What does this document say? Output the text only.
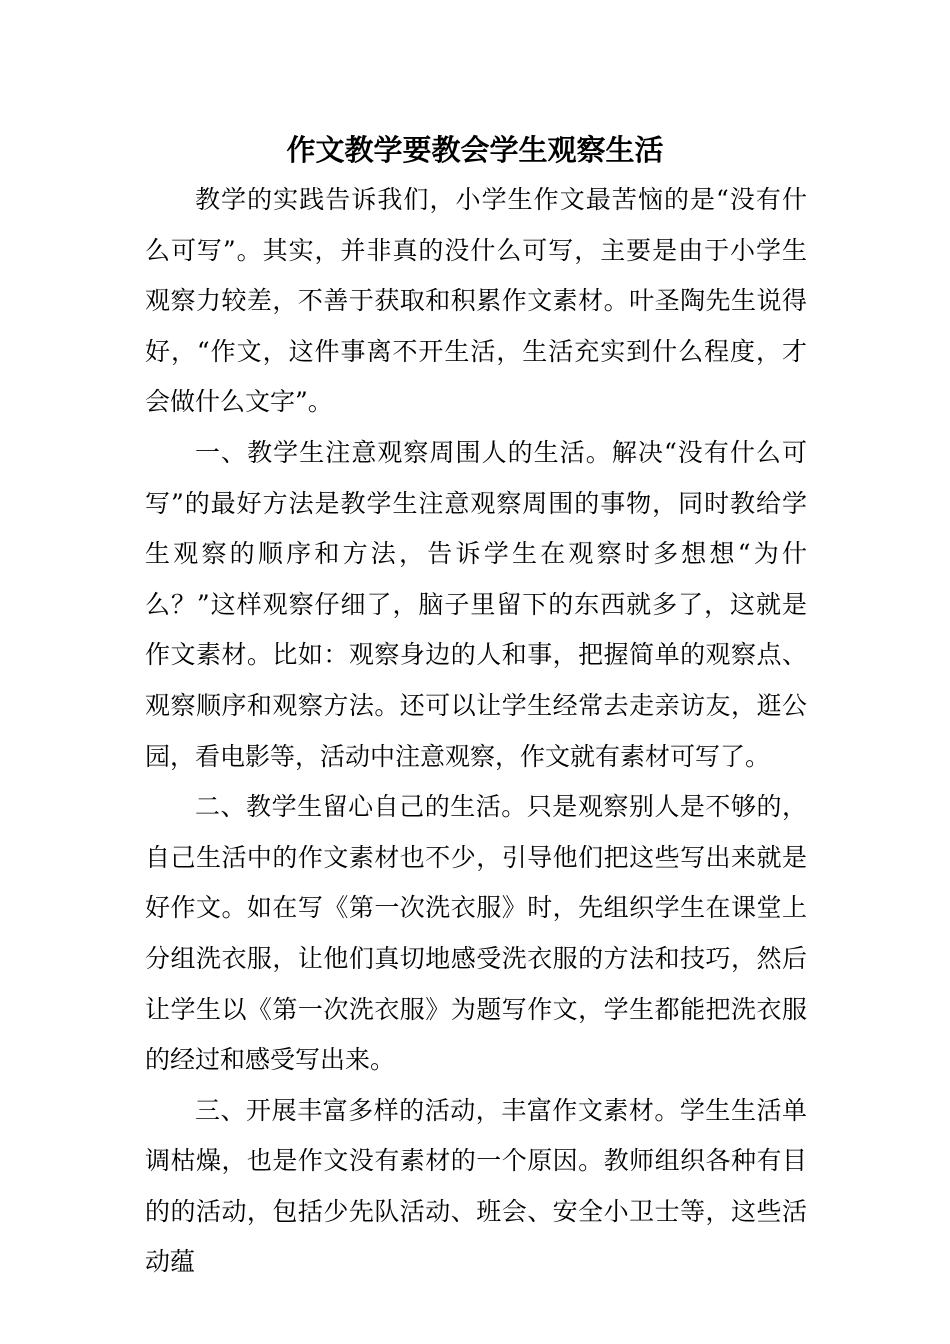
作文教学要教会学生观察生活

教学的实践告诉我们，小学生作文最苦恼的是“没有什么可写”。其实，并非真的没什么可写，主要是由于小学生观察力较差，不善于获取和积累作文素材。叶圣陶先生说得好，“作文，这件事离不开生活，生活充实到什么程度，才会做什么文字”。

一、教学生注意观察周围人的生活。解决“没有什么可写”的最好方法是教学生注意观察周围的事物，同时教给学生观察的顺序和方法，告诉学生在观察时多想想“为什么？”这样观察仔细了，脑子里留下的东西就多了，这就是作文素材。比如：观察身边的人和事，把握简单的观察点、观察顺序和观察方法。还可以让学生经常去走亲访友，逛公园，看电影等，活动中注意观察，作文就有素材可写了。

二、教学生留心自己的生活。只是观察别人是不够的，自己生活中的作文素材也不少，引导他们把这些写出来就是好作文。如在写《第一次洗衣服》时，先组织学生在课堂上分组洗衣服，让他们真切地感受洗衣服的方法和技巧，然后让学生以《第一次洗衣服》为题写作文，学生都能把洗衣服的经过和感受写出来。

三、开展丰富多样的活动，丰富作文素材。学生生活单调枯燥，也是作文没有素材的一个原因。教师组织各种有目的的活动，包括少先队活动、班会、安全小卫士等，这些活动蕴
